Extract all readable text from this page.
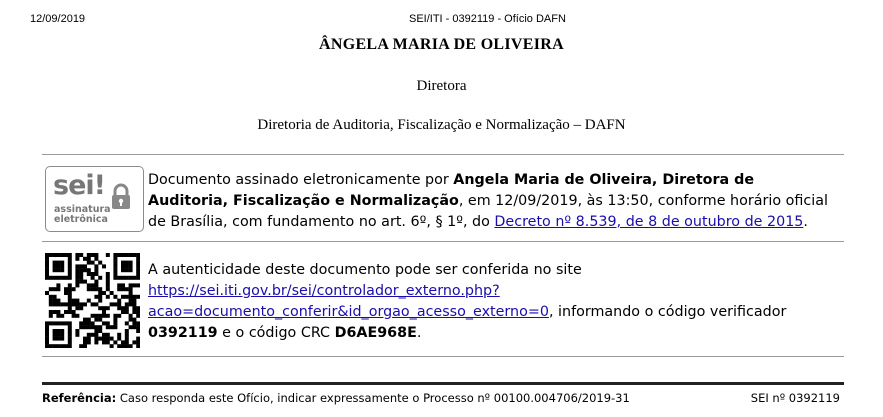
12/09/2019	SEI/ITI - 0392119 - Ofício DAFN
ÂNGELA MARIA DE OLIVEIRA
Diretora
Diretoria de Auditoria, Fiscalização e Normalização – DAFN
sei!
assinatura
eletrônica
Documento assinado eletronicamente por Angela Maria de Oliveira, Diretora de Auditoria, Fiscalização e Normalização, em 12/09/2019, às 13:50, conforme horário oficial de Brasília, com fundamento no art. 6º, § 1º, do Decreto nº 8.539, de 8 de outubro de 2015.
A autenticidade deste documento pode ser conferida no site
https://sei.iti.gov.br/sei/controlador_externo.php?
acao=documento_conferir&id_orgao_acesso_externo=0, informando o código verificador 0392119 e o código CRC D6AE968E.
Referência: Caso responda este Ofício, indicar expressamente o Processo nº 00100.004706/2019-31	SEI nº 0392119
